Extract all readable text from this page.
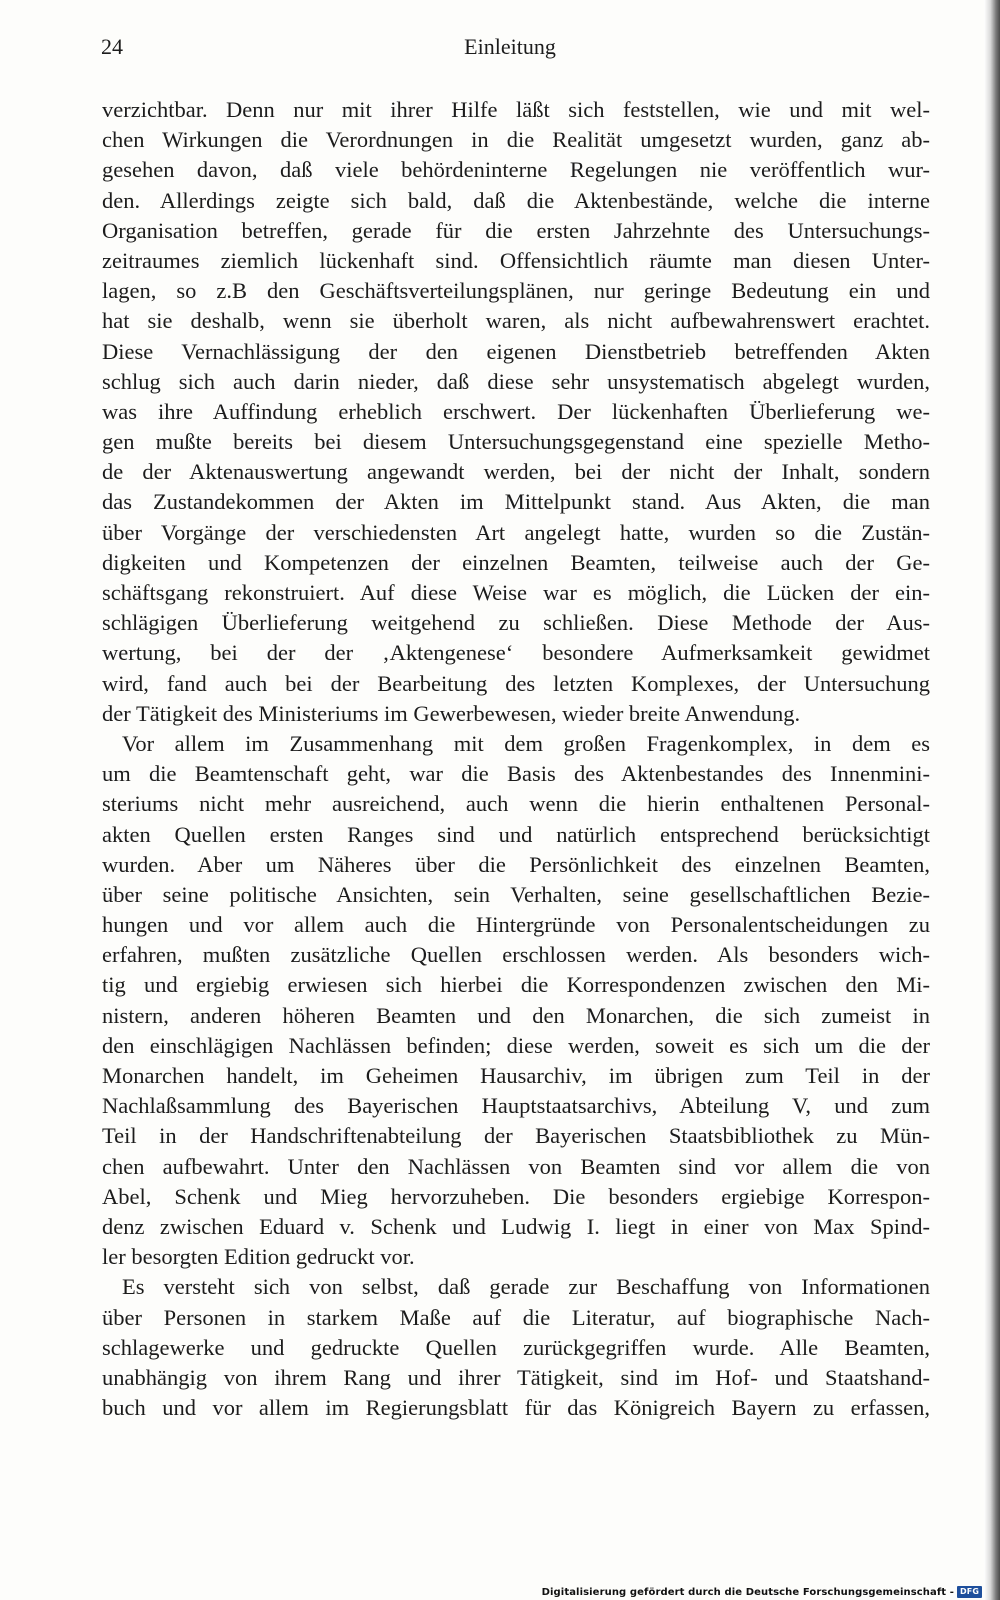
24	Einleitung
verzichtbar. Denn nur mit ihrer Hilfe läßt sich feststellen, wie und mit wel-
chen Wirkungen die Verordnungen in die Realität umgesetzt wurden, ganz ab-
gesehen davon, daß viele behördeninterne Regelungen nie veröffentlich wur-
den. Allerdings zeigte sich bald, daß die Aktenbestände, welche die interne
Organisation betreffen, gerade für die ersten Jahrzehnte des Untersuchungs-
zeitraumes ziemlich lückenhaft sind. Offensichtlich räumte man diesen Unter-
lagen, so z.B den Geschäftsverteilungsplänen, nur geringe Bedeutung ein und
hat sie deshalb, wenn sie überholt waren, als nicht aufbewahrenswert erachtet.
Diese Vernachlässigung der den eigenen Dienstbetrieb betreffenden Akten
schlug sich auch darin nieder, daß diese sehr unsystematisch abgelegt wurden,
was ihre Auffindung erheblich erschwert. Der lückenhaften Überlieferung we-
gen mußte bereits bei diesem Untersuchungsgegenstand eine spezielle Metho-
de der Aktenauswertung angewandt werden, bei der nicht der Inhalt, sondern
das Zustandekommen der Akten im Mittelpunkt stand. Aus Akten, die man
über Vorgänge der verschiedensten Art angelegt hatte, wurden so die Zustän-
digkeiten und Kompetenzen der einzelnen Beamten, teilweise auch der Ge-
schäftsgang rekonstruiert. Auf diese Weise war es möglich, die Lücken der ein-
schlägigen Überlieferung weitgehend zu schließen. Diese Methode der Aus-
wertung, bei der der ‚Aktengenese‘ besondere Aufmerksamkeit gewidmet
wird, fand auch bei der Bearbeitung des letzten Komplexes, der Untersuchung
der Tätigkeit des Ministeriums im Gewerbewesen, wieder breite Anwendung.
Vor allem im Zusammenhang mit dem großen Fragenkomplex, in dem es
um die Beamtenschaft geht, war die Basis des Aktenbestandes des Innenmini-
steriums nicht mehr ausreichend, auch wenn die hierin enthaltenen Personal-
akten Quellen ersten Ranges sind und natürlich entsprechend berücksichtigt
wurden. Aber um Näheres über die Persönlichkeit des einzelnen Beamten,
über seine politische Ansichten, sein Verhalten, seine gesellschaftlichen Bezie-
hungen und vor allem auch die Hintergründe von Personalentscheidungen zu
erfahren, mußten zusätzliche Quellen erschlossen werden. Als besonders wich-
tig und ergiebig erwiesen sich hierbei die Korrespondenzen zwischen den Mi-
nistern, anderen höheren Beamten und den Monarchen, die sich zumeist in
den einschlägigen Nachlässen befinden; diese werden, soweit es sich um die der
Monarchen handelt, im Geheimen Hausarchiv, im übrigen zum Teil in der
Nachlaßsammlung des Bayerischen Hauptstaatsarchivs, Abteilung V, und zum
Teil in der Handschriftenabteilung der Bayerischen Staatsbibliothek zu Mün-
chen aufbewahrt. Unter den Nachlässen von Beamten sind vor allem die von
Abel, Schenk und Mieg hervorzuheben. Die besonders ergiebige Korrespon-
denz zwischen Eduard v. Schenk und Ludwig I. liegt in einer von Max Spind-
ler besorgten Edition gedruckt vor.
Es versteht sich von selbst, daß gerade zur Beschaffung von Informationen
über Personen in starkem Maße auf die Literatur, auf biographische Nach-
schlagewerke und gedruckte Quellen zurückgegriffen wurde. Alle Beamten,
unabhängig von ihrem Rang und ihrer Tätigkeit, sind im Hof- und Staatshand-
buch und vor allem im Regierungsblatt für das Königreich Bayern zu erfassen,
Digitalisierung gefördert durch die Deutsche Forschungsgemeinschaft - DFG
